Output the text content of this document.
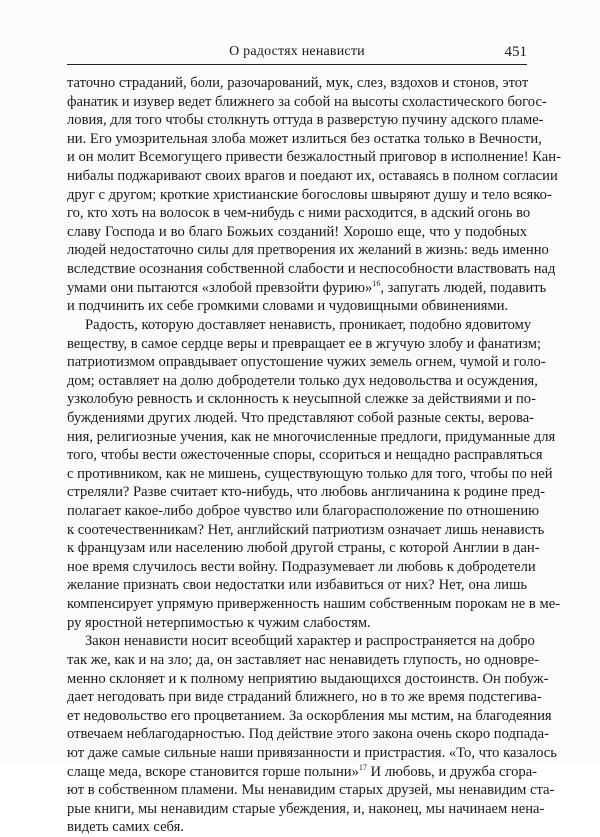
О радостях ненависти	451
таточно страданий, боли, разочарований, мук, слез, вздохов и стонов, этот
фанатик и изувер ведет ближнего за собой на высоты схоластического богос-
ловия, для того чтобы столкнуть оттуда в разверстую пучину адского пламе-
ни. Его умозрительная злоба может излиться без остатка только в Вечности,
и он молит Всемогущего привести безжалостный приговор в исполнение! Кан-
нибалы поджаривают своих врагов и поедают их, оставаясь в полном согласии
друг с другом; кроткие христианские богословы швыряют душу и тело всяко-
го, кто хоть на волосок в чем-нибудь с ними расходится, в адский огонь во
славу Господа и во благо Божьих созданий! Хорошо еще, что у подобных
людей недостаточно силы для претворения их желаний в жизнь: ведь именно
вследствие осознания собственной слабости и неспособности властвовать над
умами они пытаются «злобой превзойти фурию»$^{16}$, запугать людей, подавить
и подчинить их себе громкими словами и чудовищными обвинениями.
Радость, которую доставляет ненависть, проникает, подобно ядовитому
веществу, в самое сердце веры и превращает ее в жгучую злобу и фанатизм;
патриотизмом оправдывает опустошение чужих земель огнем, чумой и голо-
дом; оставляет на долю добродетели только дух недовольства и осуждения,
узколобую ревность и склонность к неусыпной слежке за действиями и по-
буждениями других людей. Что представляют собой разные секты, верова-
ния, религиозные учения, как не многочисленные предлоги, придуманные для
того, чтобы вести ожесточенные споры, ссориться и нещадно расправляться
с противником, как не мишень, существующую только для того, чтобы по ней
стреляли? Разве считает кто-нибудь, что любовь англичанина к родине пред-
полагает какое-либо доброе чувство или благорасположение по отношению
к соотечественникам? Нет, английский патриотизм означает лишь ненависть
к французам или населению любой другой страны, с которой Англии в дан-
ное время случилось вести войну. Подразумевает ли любовь к добродетели
желание признать свои недостатки или избавиться от них? Нет, она лишь
компенсирует упрямую приверженность нашим собственным порокам не в ме-
ру яростной нетерпимостью к чужим слабостям.
Закон ненависти носит всеобщий характер и распространяется на добро
так же, как и на зло; да, он заставляет нас ненавидеть глупость, но одновре-
менно склоняет и к полному неприятию выдающихся достоинств. Он побуж-
дает негодовать при виде страданий ближнего, но в то же время подстегива-
ет недовольство его процветанием. За оскорбления мы мстим, на благодеяния
отвечаем неблагодарностью. Под действие этого закона очень скоро подпада-
ют даже самые сильные наши привязанности и пристрастия. «То, что казалось
слаще меда, вскоре становится горше полыни»$^{17}$ И любовь, и дружба сгора-
ют в собственном пламени. Мы ненавидим старых друзей, мы ненавидим ста-
рые книги, мы ненавидим старые убеждения, и, наконец, мы начинаем нена-
видеть самих себя.
